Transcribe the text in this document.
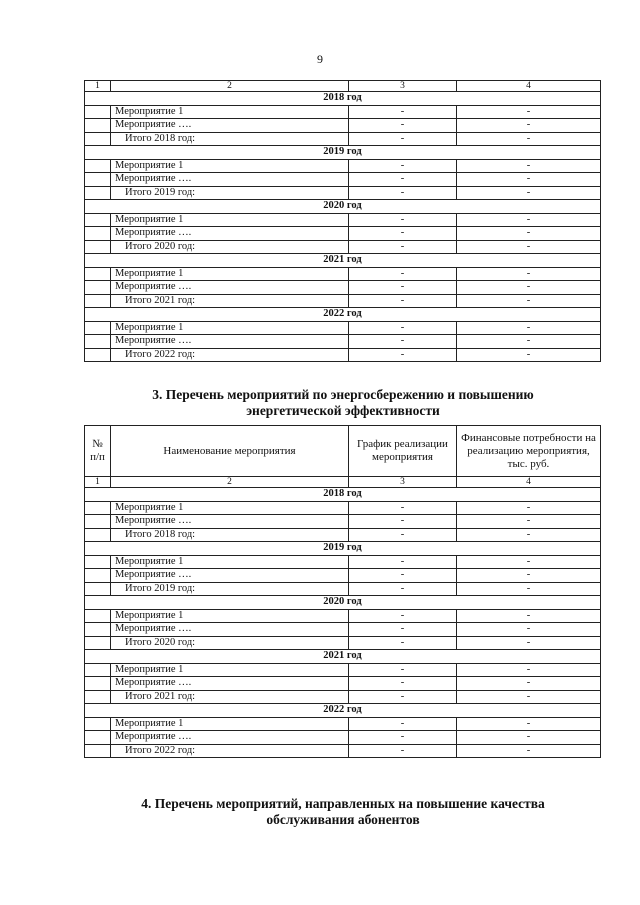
9
1	2	3	4
2018 год			
	Мероприятие 1	-	-
	Мероприятие ….	-	-
	Итого 2018 год:	-	-
2019 год			
	Мероприятие 1	-	-
	Мероприятие ….	-	-
	Итого 2019 год:	-	-
2020 год			
	Мероприятие 1	-	-
	Мероприятие ….	-	-
	Итого 2020 год:	-	-
2021 год			
	Мероприятие 1	-	-
	Мероприятие ….	-	-
	Итого 2021 год:	-	-
2022 год			
	Мероприятие 1	-	-
	Мероприятие ….	-	-
	Итого 2022 год:	-	-
3. Перечень мероприятий по энергосбережению и повышению
энергетической эффективности
№ п/п	Наименование мероприятия	График реализации мероприятия	Финансовые потребности на реализацию мероприятия, тыс. руб.
1	2	3	4
2018 год			
	Мероприятие 1	-	-
	Мероприятие ….	-	-
	Итого 2018 год:	-	-
2019 год			
	Мероприятие 1	-	-
	Мероприятие ….	-	-
	Итого 2019 год:	-	-
2020 год			
	Мероприятие 1	-	-
	Мероприятие ….	-	-
	Итого 2020 год:	-	-
2021 год			
	Мероприятие 1	-	-
	Мероприятие ….	-	-
	Итого 2021 год:	-	-
2022 год			
	Мероприятие 1	-	-
	Мероприятие ….	-	-
	Итого 2022 год:	-	-
4. Перечень мероприятий, направленных на повышение качества
обслуживания абонентов
